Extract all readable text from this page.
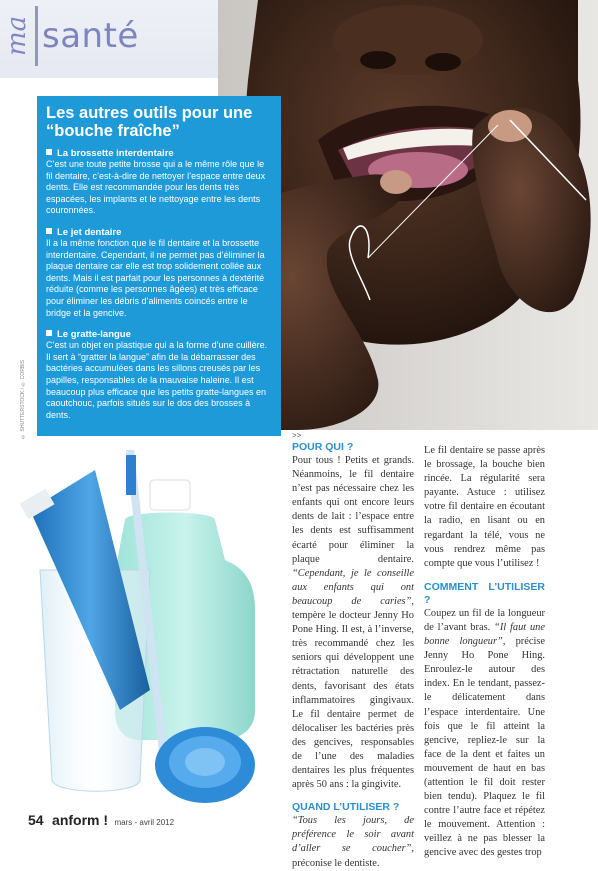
ma santé
Les autres outils pour une “bouche fraîche”
La brossette interdentaire

C’est une toute petite brosse qui a le même rôle que le fil dentaire, c’est-à-dire de nettoyer l’espace entre deux dents. Elle est recommandée pour les dents très espacées, les implants et le nettoyage entre les dents couronnées.

Le jet dentaire

Il a la même fonction que le fil dentaire et la brossette interdentaire. Cependant, il ne permet pas d’éliminer la plaque dentaire car elle est trop solidement collée aux dents. Mais il est parfait pour les personnes à dextérité réduite (comme les personnes âgées) et très efficace pour éliminer les débris d’aliments coincés entre le bridge et la gencive.

Le gratte-langue

C’est un objet en plastique qui a la forme d’une cuillère. Il sert à “gratter la langue” afin de la débarrasser des bactéries accumulées dans les sillons creusés par les papilles, responsables de la mauvaise haleine. Il est beaucoup plus efficace que les petits gratte-langues en caoutchouc, parfois situés sur le dos des brosses à dents.

© SHUTTERSTOCK / © CORBIS	>>
POUR QUI ?

Pour tous ! Petits et grands. Néanmoins, le fil dentaire n’est pas nécessaire chez les enfants qui ont encore leurs dents de lait : l’espace entre les dents est suffisamment écarté pour éliminer la plaque dentaire. “Cependant, je le conseille aux enfants qui ont beaucoup de caries”, tempère le docteur Jenny Ho Pone Hing. Il est, à l’inverse, très recommandé chez les seniors qui développent une rétractation naturelle des dents, favorisant des états inflammatoires gingivaux. Le fil dentaire permet de délocaliser les bactéries près des gencives, responsables de l’une des maladies dentaires les plus fréquentes après 50 ans : la gingivite.

QUAND L’UTILISER ?

“Tous les jours, de préférence le soir avant d’aller se coucher”, préconise le dentiste.

Le fil dentaire se passe après le brossage, la bouche bien rincée. La régularité sera payante. Astuce : utilisez votre fil dentaire en écoutant la radio, en lisant ou en regardant la télé, vous ne vous rendrez même pas compte que vous l’utilisez !

COMMENT L’UTILISER ?

Coupez un fil de la longueur de l’avant bras. “Il faut une bonne longueur”, précise Jenny Ho Pone Hing. Enroulez-le autour des index. En le tendant, passez-le délicatement dans l’espace interdentaire. Une fois que le fil atteint la gencive, repliez-le sur la face de la dent et faites un mouvement de haut en bas (attention le fil doit rester bien tendu). Plaquez le fil contre l’autre face et répétez le mouvement. Attention : veillez à ne pas blesser la gencive avec des gestes trop

54 anform ! mars - avril 2012
